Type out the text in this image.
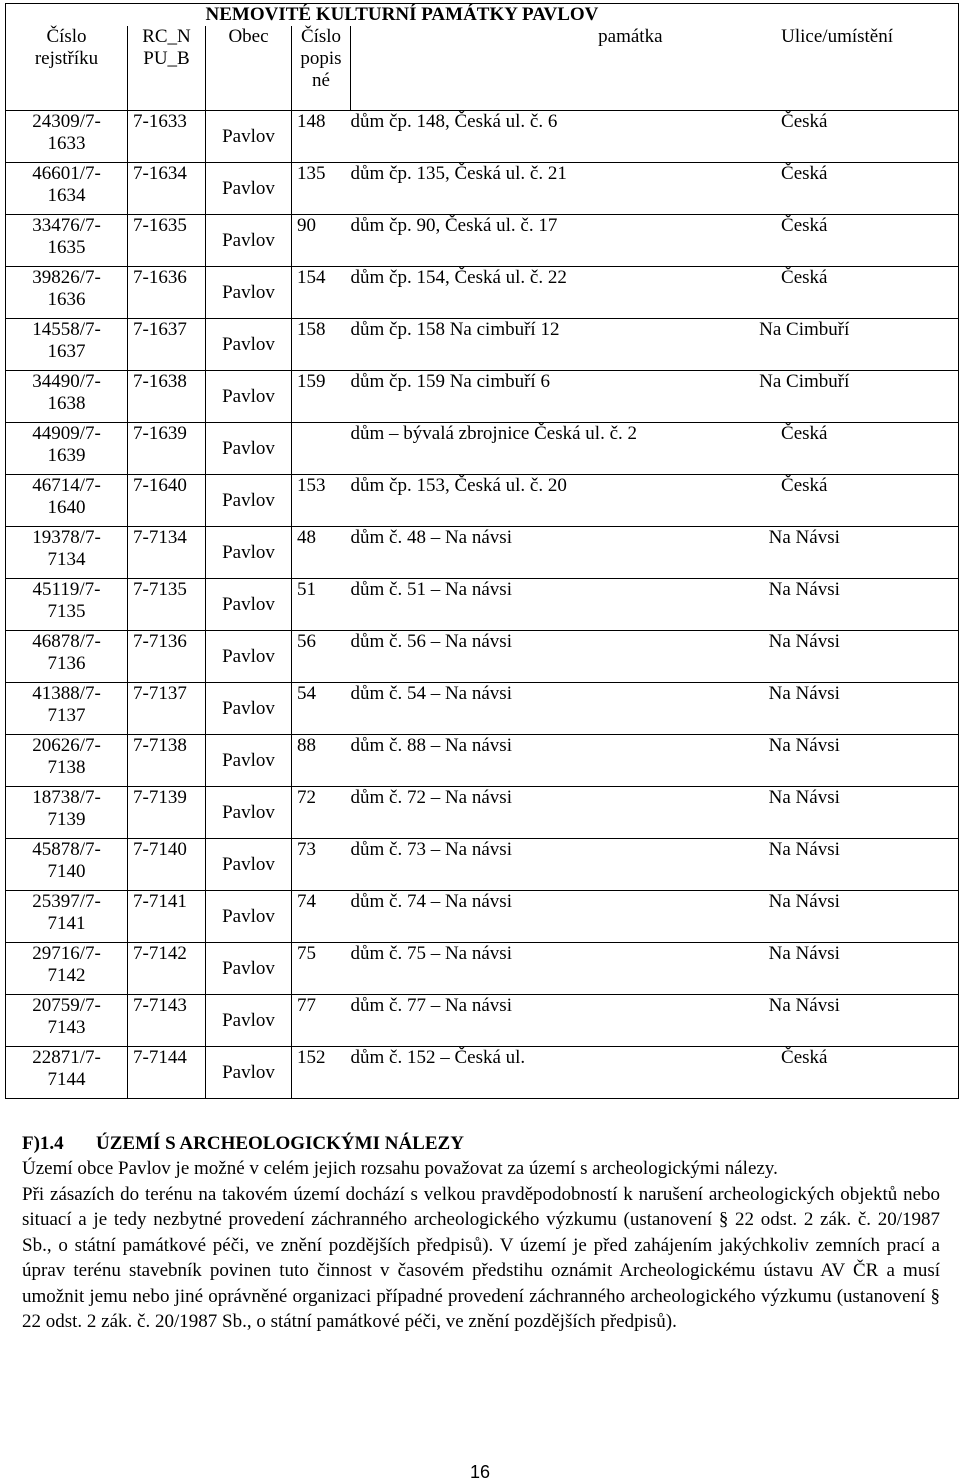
		NEMOVITÉ KULTURNÍ PAMÁTKY PAVLOV			
Číslo rejstříku	RC_N PU_B	Obec	Číslo popis né	památka	Ulice/umístění
24309/7- 1633	7-1633	Pavlov	148	dům čp. 148, Česká ul. č. 6	Česká
46601/7- 1634	7-1634	Pavlov	135	dům čp. 135, Česká ul. č. 21	Česká
33476/7- 1635	7-1635	Pavlov	90	dům čp. 90, Česká ul. č. 17	Česká
39826/7- 1636	7-1636	Pavlov	154	dům čp. 154, Česká ul. č. 22	Česká
14558/7- 1637	7-1637	Pavlov	158	dům čp. 158 Na cimbuří 12	Na Cimbuří
34490/7- 1638	7-1638	Pavlov	159	dům čp. 159 Na cimbuří 6	Na Cimbuří
44909/7- 1639	7-1639	Pavlov		dům – bývalá zbrojnice Česká ul. č. 2	Česká
46714/7- 1640	7-1640	Pavlov	153	dům čp. 153, Česká ul. č. 20	Česká
19378/7- 7134	7-7134	Pavlov	48	dům č. 48 – Na návsi	Na Návsi
45119/7- 7135	7-7135	Pavlov	51	dům č. 51 – Na návsi	Na Návsi
46878/7- 7136	7-7136	Pavlov	56	dům č. 56 – Na návsi	Na Návsi
41388/7- 7137	7-7137	Pavlov	54	dům č. 54 – Na návsi	Na Návsi
20626/7- 7138	7-7138	Pavlov	88	dům č. 88 – Na návsi	Na Návsi
18738/7- 7139	7-7139	Pavlov	72	dům č. 72 – Na návsi	Na Návsi
45878/7- 7140	7-7140	Pavlov	73	dům č. 73 – Na návsi	Na Návsi
25397/7- 7141	7-7141	Pavlov	74	dům č. 74 – Na návsi	Na Návsi
29716/7- 7142	7-7142	Pavlov	75	dům č. 75 – Na návsi	Na Návsi
20759/7- 7143	7-7143	Pavlov	77	dům č. 77 – Na návsi	Na Návsi
22871/7- 7144	7-7144	Pavlov	152	dům č. 152 – Česká ul.	Česká
F)1.4 ÚZEMÍ S ARCHEOLOGICKÝMI NÁLEZY

Území obce Pavlov je možné v celém jejich rozsahu považovat za území s archeologickými nálezy.

Při zásazích do terénu na takovém území dochází s velkou pravděpodobností k narušení archeologických objektů nebo situací a je tedy nezbytné provedení záchranného archeologického výzkumu (ustanovení § 22 odst. 2 zák. č. 20/1987 Sb., o státní památkové péči, ve znění pozdějších předpisů). V území je před zahájením jakýchkoliv zemních prací a úprav terénu stavebník povinen tuto činnost v časovém předstihu oznámit Archeologickému ústavu AV ČR a musí umožnit jemu nebo jiné oprávněné organizaci případné provedení záchranného archeologického výzkumu (ustanovení § 22 odst. 2 zák. č. 20/1987 Sb., o státní památkové péči, ve znění pozdějších předpisů).

16
